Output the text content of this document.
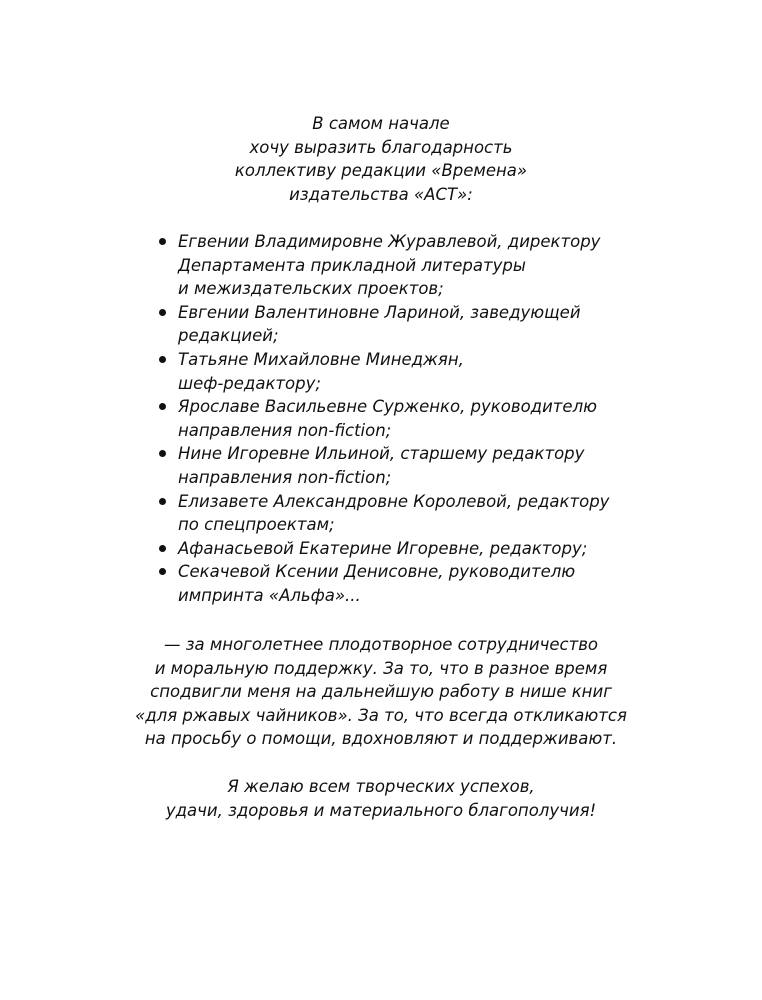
В самом начале
хочу выразить благодарность
коллективу редакции «Времена»
издательства «АСТ»:
Егвении Владимировне Журавлевой, директору
Департамента прикладной литературы
и межиздательских проектов;
Евгении Валентиновне Лариной, заведующей
редакцией;
Татьяне Михайловне Минеджян,
шеф-редактору;
Ярославе Васильевне Сурженко, руководителю
направления non-fiction;
Нине Игоревне Ильиной, старшему редактору
направления non-fiction;
Елизавете Александровне Королевой, редактору
по спецпроектам;
Афанасьевой Екатерине Игоревне, редактору;
Секачевой Ксении Денисовне, руководителю
импринта «Альфа»...
— за многолетнее плодотворное сотрудничество
и моральную поддержку. За то, что в разное время
сподвигли меня на дальнейшую работу в нише книг
«для ржавых чайников». За то, что всегда откликаются
на просьбу о помощи, вдохновляют и поддерживают.
Я желаю всем творческих успехов,
удачи, здоровья и материального благополучия!
